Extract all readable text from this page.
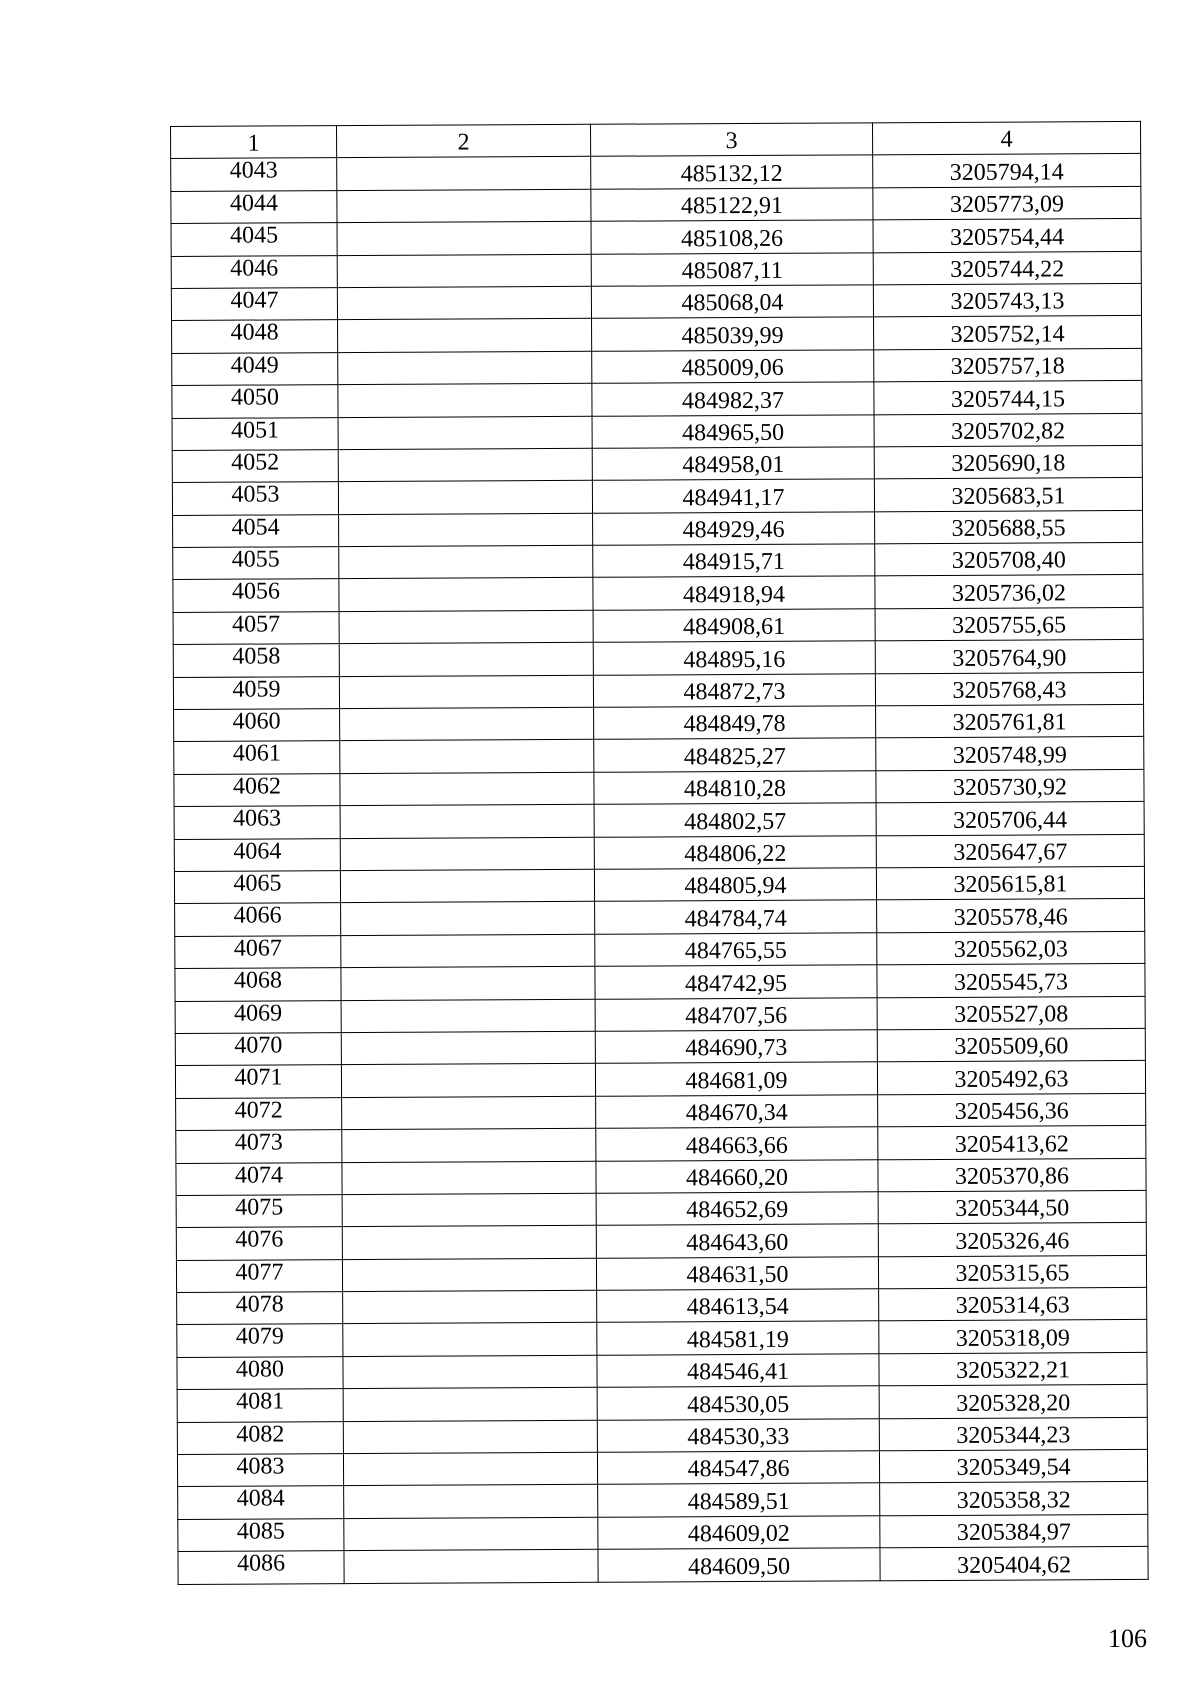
1	2	3	4
4043		485132,12	3205794,14
4044		485122,91	3205773,09
4045		485108,26	3205754,44
4046		485087,11	3205744,22
4047		485068,04	3205743,13
4048		485039,99	3205752,14
4049		485009,06	3205757,18
4050		484982,37	3205744,15
4051		484965,50	3205702,82
4052		484958,01	3205690,18
4053		484941,17	3205683,51
4054		484929,46	3205688,55
4055		484915,71	3205708,40
4056		484918,94	3205736,02
4057		484908,61	3205755,65
4058		484895,16	3205764,90
4059		484872,73	3205768,43
4060		484849,78	3205761,81
4061		484825,27	3205748,99
4062		484810,28	3205730,92
4063		484802,57	3205706,44
4064		484806,22	3205647,67
4065		484805,94	3205615,81
4066		484784,74	3205578,46
4067		484765,55	3205562,03
4068		484742,95	3205545,73
4069		484707,56	3205527,08
4070		484690,73	3205509,60
4071		484681,09	3205492,63
4072		484670,34	3205456,36
4073		484663,66	3205413,62
4074		484660,20	3205370,86
4075		484652,69	3205344,50
4076		484643,60	3205326,46
4077		484631,50	3205315,65
4078		484613,54	3205314,63
4079		484581,19	3205318,09
4080		484546,41	3205322,21
4081		484530,05	3205328,20
4082		484530,33	3205344,23
4083		484547,86	3205349,54
4084		484589,51	3205358,32
4085		484609,02	3205384,97
4086		484609,50	3205404,62
106
